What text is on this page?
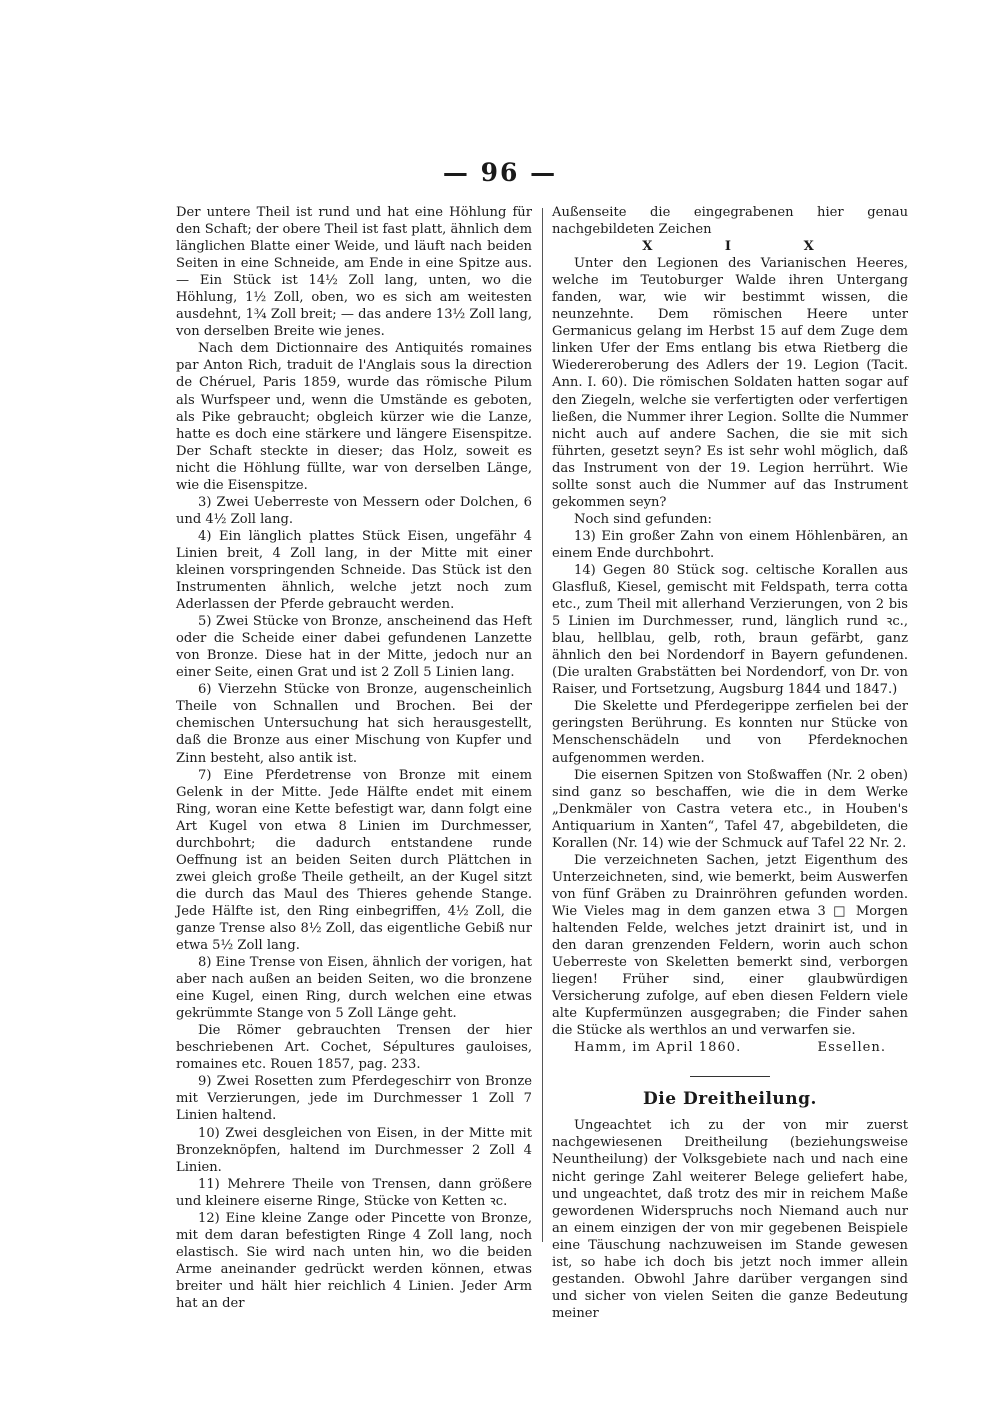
— 96 —

Der untere Theil ist rund und hat eine Höhlung für den Schaft; der obere Theil ist fast platt, ähnlich dem länglichen Blatte einer Weide, und läuft nach beiden Seiten in eine Schneide, am Ende in eine Spitze aus. — Ein Stück ist 14½ Zoll lang, unten, wo die Höhlung, 1½ Zoll, oben, wo es sich am weitesten ausdehnt, 1¾ Zoll breit; — das andere 13½ Zoll lang, von derselben Breite wie jenes.

Nach dem Dictionnaire des Antiquités romaines par Anton Rich, traduit de l'Anglais sous la direction de Chéruel, Paris 1859, wurde das römische Pilum als Wurfspeer und, wenn die Umstände es geboten, als Pike gebraucht; obgleich kürzer wie die Lanze, hatte es doch eine stärkere und längere Eisenspitze. Der Schaft steckte in dieser; das Holz, soweit es nicht die Höhlung füllte, war von derselben Länge, wie die Eisenspitze.

3) Zwei Ueberreste von Messern oder Dolchen, 6 und 4½ Zoll lang.

4) Ein länglich plattes Stück Eisen, ungefähr 4 Linien breit, 4 Zoll lang, in der Mitte mit einer kleinen vorspringenden Schneide. Das Stück ist den Instrumenten ähnlich, welche jetzt noch zum Aderlassen der Pferde gebraucht werden.

5) Zwei Stücke von Bronze, anscheinend das Heft oder die Scheide einer dabei gefundenen Lanzette von Bronze. Diese hat in der Mitte, jedoch nur an einer Seite, einen Grat und ist 2 Zoll 5 Linien lang.

6) Vierzehn Stücke von Bronze, augenscheinlich Theile von Schnallen und Brochen. Bei der chemischen Untersuchung hat sich herausgestellt, daß die Bronze aus einer Mischung von Kupfer und Zinn besteht, also antik ist.

7) Eine Pferdetrense von Bronze mit einem Gelenk in der Mitte. Jede Hälfte endet mit einem Ring, woran eine Kette befestigt war, dann folgt eine Art Kugel von etwa 8 Linien im Durchmesser, durchbohrt; die dadurch entstandene runde Oeffnung ist an beiden Seiten durch Plättchen in zwei gleich große Theile getheilt, an der Kugel sitzt die durch das Maul des Thieres gehende Stange. Jede Hälfte ist, den Ring einbegriffen, 4½ Zoll, die ganze Trense also 8½ Zoll, das eigentliche Gebiß nur etwa 5½ Zoll lang.

8) Eine Trense von Eisen, ähnlich der vorigen, hat aber nach außen an beiden Seiten, wo die bronzene eine Kugel, einen Ring, durch welchen eine etwas gekrümmte Stange von 5 Zoll Länge geht.

Die Römer gebrauchten Trensen der hier beschriebenen Art. Cochet, Sépultures gauloises, romaines etc. Rouen 1857, pag. 233.

9) Zwei Rosetten zum Pferdegeschirr von Bronze mit Verzierungen, jede im Durchmesser 1 Zoll 7 Linien haltend.

10) Zwei desgleichen von Eisen, in der Mitte mit Bronzeknöpfen, haltend im Durchmesser 2 Zoll 4 Linien.

11) Mehrere Theile von Trensen, dann größere und kleinere eiserne Ringe, Stücke von Ketten ꝛc.

12) Eine kleine Zange oder Pincette von Bronze, mit dem daran befestigten Ringe 4 Zoll lang, noch elastisch. Sie wird nach unten hin, wo die beiden Arme aneinander gedrückt werden können, etwas breiter und hält hier reichlich 4 Linien. Jeder Arm hat an der

Außenseite die eingegrabenen hier genau nachgebildeten Zeichen

X I X

Unter den Legionen des Varianischen Heeres, welche im Teutoburger Walde ihren Untergang fanden, war, wie wir bestimmt wissen, die neunzehnte. Dem römischen Heere unter Germanicus gelang im Herbst 15 auf dem Zuge dem linken Ufer der Ems entlang bis etwa Rietberg die Wiedereroberung des Adlers der 19. Legion (Tacit. Ann. I. 60). Die römischen Soldaten hatten sogar auf den Ziegeln, welche sie verfertigten oder verfertigen ließen, die Nummer ihrer Legion. Sollte die Nummer nicht auch auf andere Sachen, die sie mit sich führten, gesetzt seyn? Es ist sehr wohl möglich, daß das Instrument von der 19. Legion herrührt. Wie sollte sonst auch die Nummer auf das Instrument gekommen seyn?

Noch sind gefunden:

13) Ein großer Zahn von einem Höhlenbären, an einem Ende durchbohrt.

14) Gegen 80 Stück sog. celtische Korallen aus Glasfluß, Kiesel, gemischt mit Feldspath, terra cotta etc., zum Theil mit allerhand Verzierungen, von 2 bis 5 Linien im Durchmesser, rund, länglich rund ꝛc., blau, hellblau, gelb, roth, braun gefärbt, ganz ähnlich den bei Nordendorf in Bayern gefundenen. (Die uralten Grabstätten bei Nordendorf, von Dr. von Raiser, und Fortsetzung, Augsburg 1844 und 1847.)

Die Skelette und Pferdegerippe zerfielen bei der geringsten Berührung. Es konnten nur Stücke von Menschenschädeln und von Pferdeknochen aufgenommen werden.

Die eisernen Spitzen von Stoßwaffen (Nr. 2 oben) sind ganz so beschaffen, wie die in dem Werke „Denkmäler von Castra vetera etc., in Houben's Antiquarium in Xanten“, Tafel 47, abgebildeten, die Korallen (Nr. 14) wie der Schmuck auf Tafel 22 Nr. 2.

Die verzeichneten Sachen, jetzt Eigenthum des Unterzeichneten, sind, wie bemerkt, beim Auswerfen von fünf Gräben zu Drainröhren gefunden worden. Wie Vieles mag in dem ganzen etwa 3 □ Morgen haltenden Felde, welches jetzt drainirt ist, und in den daran grenzenden Feldern, worin auch schon Ueberreste von Skeletten bemerkt sind, verborgen liegen! Früher sind, einer glaubwürdigen Versicherung zufolge, auf eben diesen Feldern viele alte Kupfermünzen ausgegraben; die Finder sahen die Stücke als werthlos an und verwarfen sie.

Hamm, im April 1860.	Essellen.
Die Dreitheilung.

Ungeachtet ich zu der von mir zuerst nachgewiesenen Dreitheilung (beziehungsweise Neuntheilung) der Volksgebiete nach und nach eine nicht geringe Zahl weiterer Belege geliefert habe, und ungeachtet, daß trotz des mir in reichem Maße gewordenen Widerspruchs noch Niemand auch nur an einem einzigen der von mir gegebenen Beispiele eine Täuschung nachzuweisen im Stande gewesen ist, so habe ich doch bis jetzt noch immer allein gestanden. Obwohl Jahre darüber vergangen sind und sicher von vielen Seiten die ganze Bedeutung meiner
